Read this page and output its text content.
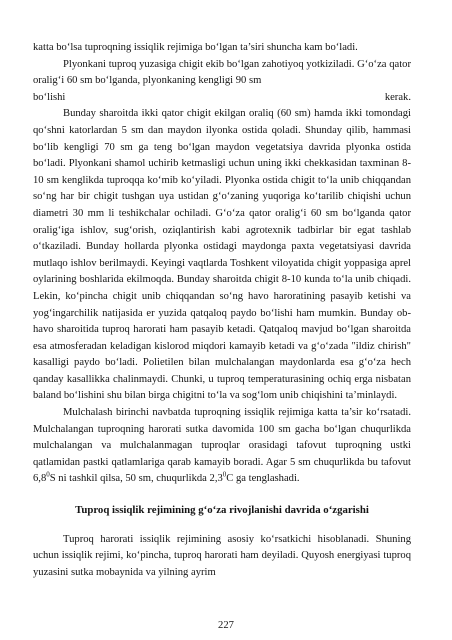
katta bo‘lsa tuproqning issiqlik rejimiga bo‘lgan ta’siri shuncha kam bo‘ladi.

Plyonkani tuproq yuzasiga chigit ekib bo‘lgan zahotiyoq yotkiziladi. G‘o‘za qator oralig‘i 60 sm bo‘lganda, plyonkaning kengligi 90 sm

bo‘lishi	kerak.

Bunday sharoitda ikki qator chigit ekilgan oraliq (60 sm) hamda ikki tomondagi qo‘shni katorlardan 5 sm dan maydon ilyonka ostida qoladi. Shunday qilib, hammasi bo‘lib kengligi 70 sm ga teng bo‘lgan maydon vegetatsiya davrida plyonka ostida bo‘ladi. Plyonkani shamol uchirib ketmasligi uchun uning ikki chekkasidan taxminan 8-10 sm kenglikda tuproqqa ko‘mib ko‘yiladi. Plyonka ostida chigit to‘la unib chiqqandan so‘ng har bir chigit tushgan uya ustidan g‘o‘zaning yuqoriga ko‘tarilib chiqishi uchun diametri 30 mm li teshikchalar ochiladi. G‘o‘za qator oralig‘i 60 sm bo‘lganda qator oralig‘iga ishlov, sug‘orish, oziqlantirish kabi agrotexnik tadbirlar bir egat tashlab o‘tkaziladi. Bunday hollarda plyonka ostidagi maydonga paxta vegetatsiyasi davrida mutlaqo ishlov berilmaydi. Keyingi vaqtlarda Toshkent viloyatida chigit yoppasiga aprel oylarining boshlarida ekilmoqda. Bunday sharoitda chigit 8-10 kunda to‘la unib chiqadi. Lekin, ko‘pincha chigit unib chiqqandan so‘ng havo haroratining pasayib ketishi va yog‘ingarchilik natijasida er yuzida qatqaloq paydo bo‘lishi ham mumkin. Bunday ob-havo sharoitida tuproq harorati ham pasayib ketadi. Qatqaloq mavjud bo‘lgan sharoitda esa atmosferadan keladigan kislorod miqdori kamayib ketadi va g‘o‘zada "ildiz chirish" kasalligi paydo bo‘ladi. Polietilen bilan mulchalangan maydonlarda esa g‘o‘za hech qanday kasallikka chalinmaydi. Chunki, u tuproq temperaturasining ochiq erga nisbatan baland bo‘lishini shu bilan birga chigitni to‘la va sog‘lom unib chiqishini ta’minlaydi.

Mulchalash birinchi navbatda tuproqning issiqlik rejimiga katta ta’sir ko‘rsatadi. Mulchalangan tuproqning harorati sutka davomida 100 sm gacha bo‘lgan chuqurlikda mulchalangan va mulchalanmagan tuproqlar orasidagi tafovut tuproqning ustki qatlamidan pastki qatlamlariga qarab kamayib boradi. Agar 5 sm chuqurlikda bu tafovut $6,8^0S$ ni tashkil qilsa, 50 sm, chuqurlikda $2,3^0C$ ga tenglashadi.

Tuproq issiqlik rejimining g‘o‘za rivojlanishi davrida o‘zgarishi

Tuproq harorati issiqlik rejimining asosiy ko‘rsatkichi hisoblanadi. Shuning uchun issiqlik rejimi, ko‘pincha, tuproq harorati ham deyiladi. Quyosh energiyasi tuproq yuzasini sutka mobaynida va yilning ayrim

227
